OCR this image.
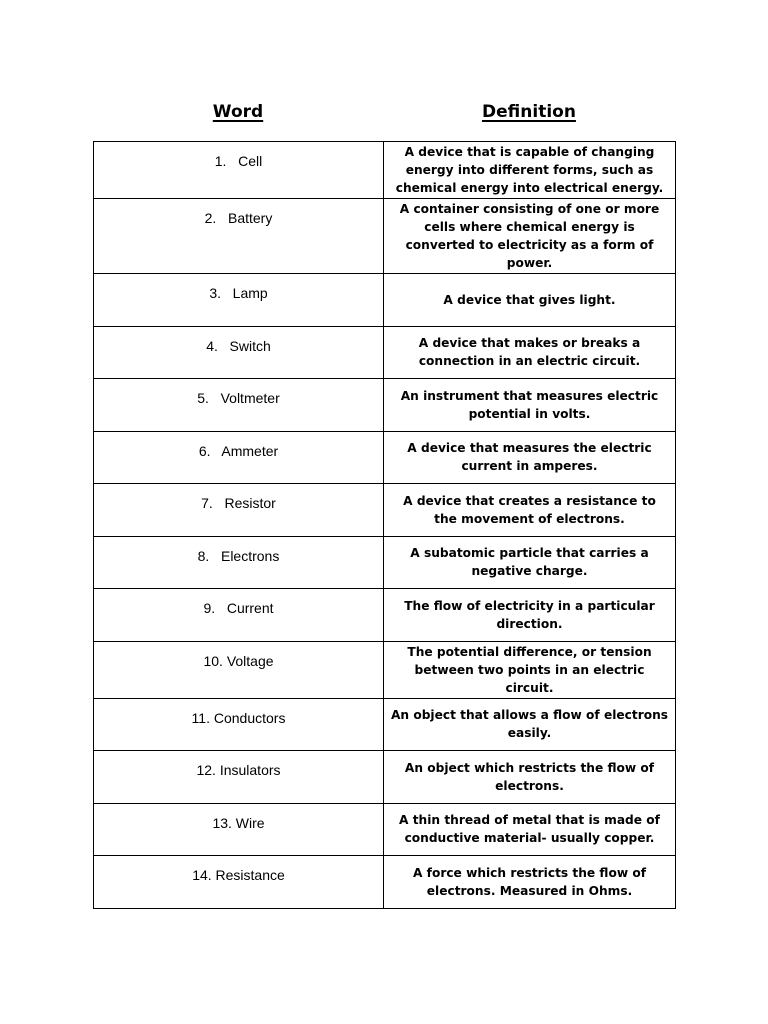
Word	Definition
1.   Cell	A device that is capable of changing energy into different forms, such as chemical energy into electrical energy.
2.   Battery	A container consisting of one or more cells where chemical energy is converted to electricity as a form of power.
3.   Lamp	A device that gives light.
4.   Switch	A device that makes or breaks a connection in an electric circuit.
5.   Voltmeter	An instrument that measures electric potential in volts.
6.   Ammeter	A device that measures the electric current in amperes.
7.   Resistor	A device that creates a resistance to the movement of electrons.
8.   Electrons	A subatomic particle that carries a negative charge.
9.   Current	The flow of electricity in a particular direction.
10. Voltage	The potential difference, or tension between two points in an electric circuit.
11. Conductors	An object that allows a flow of electrons easily.
12. Insulators	An object which restricts the flow of electrons.
13. Wire	A thin thread of metal that is made of conductive material- usually copper.
14. Resistance	A force which restricts the flow of electrons. Measured in Ohms.
